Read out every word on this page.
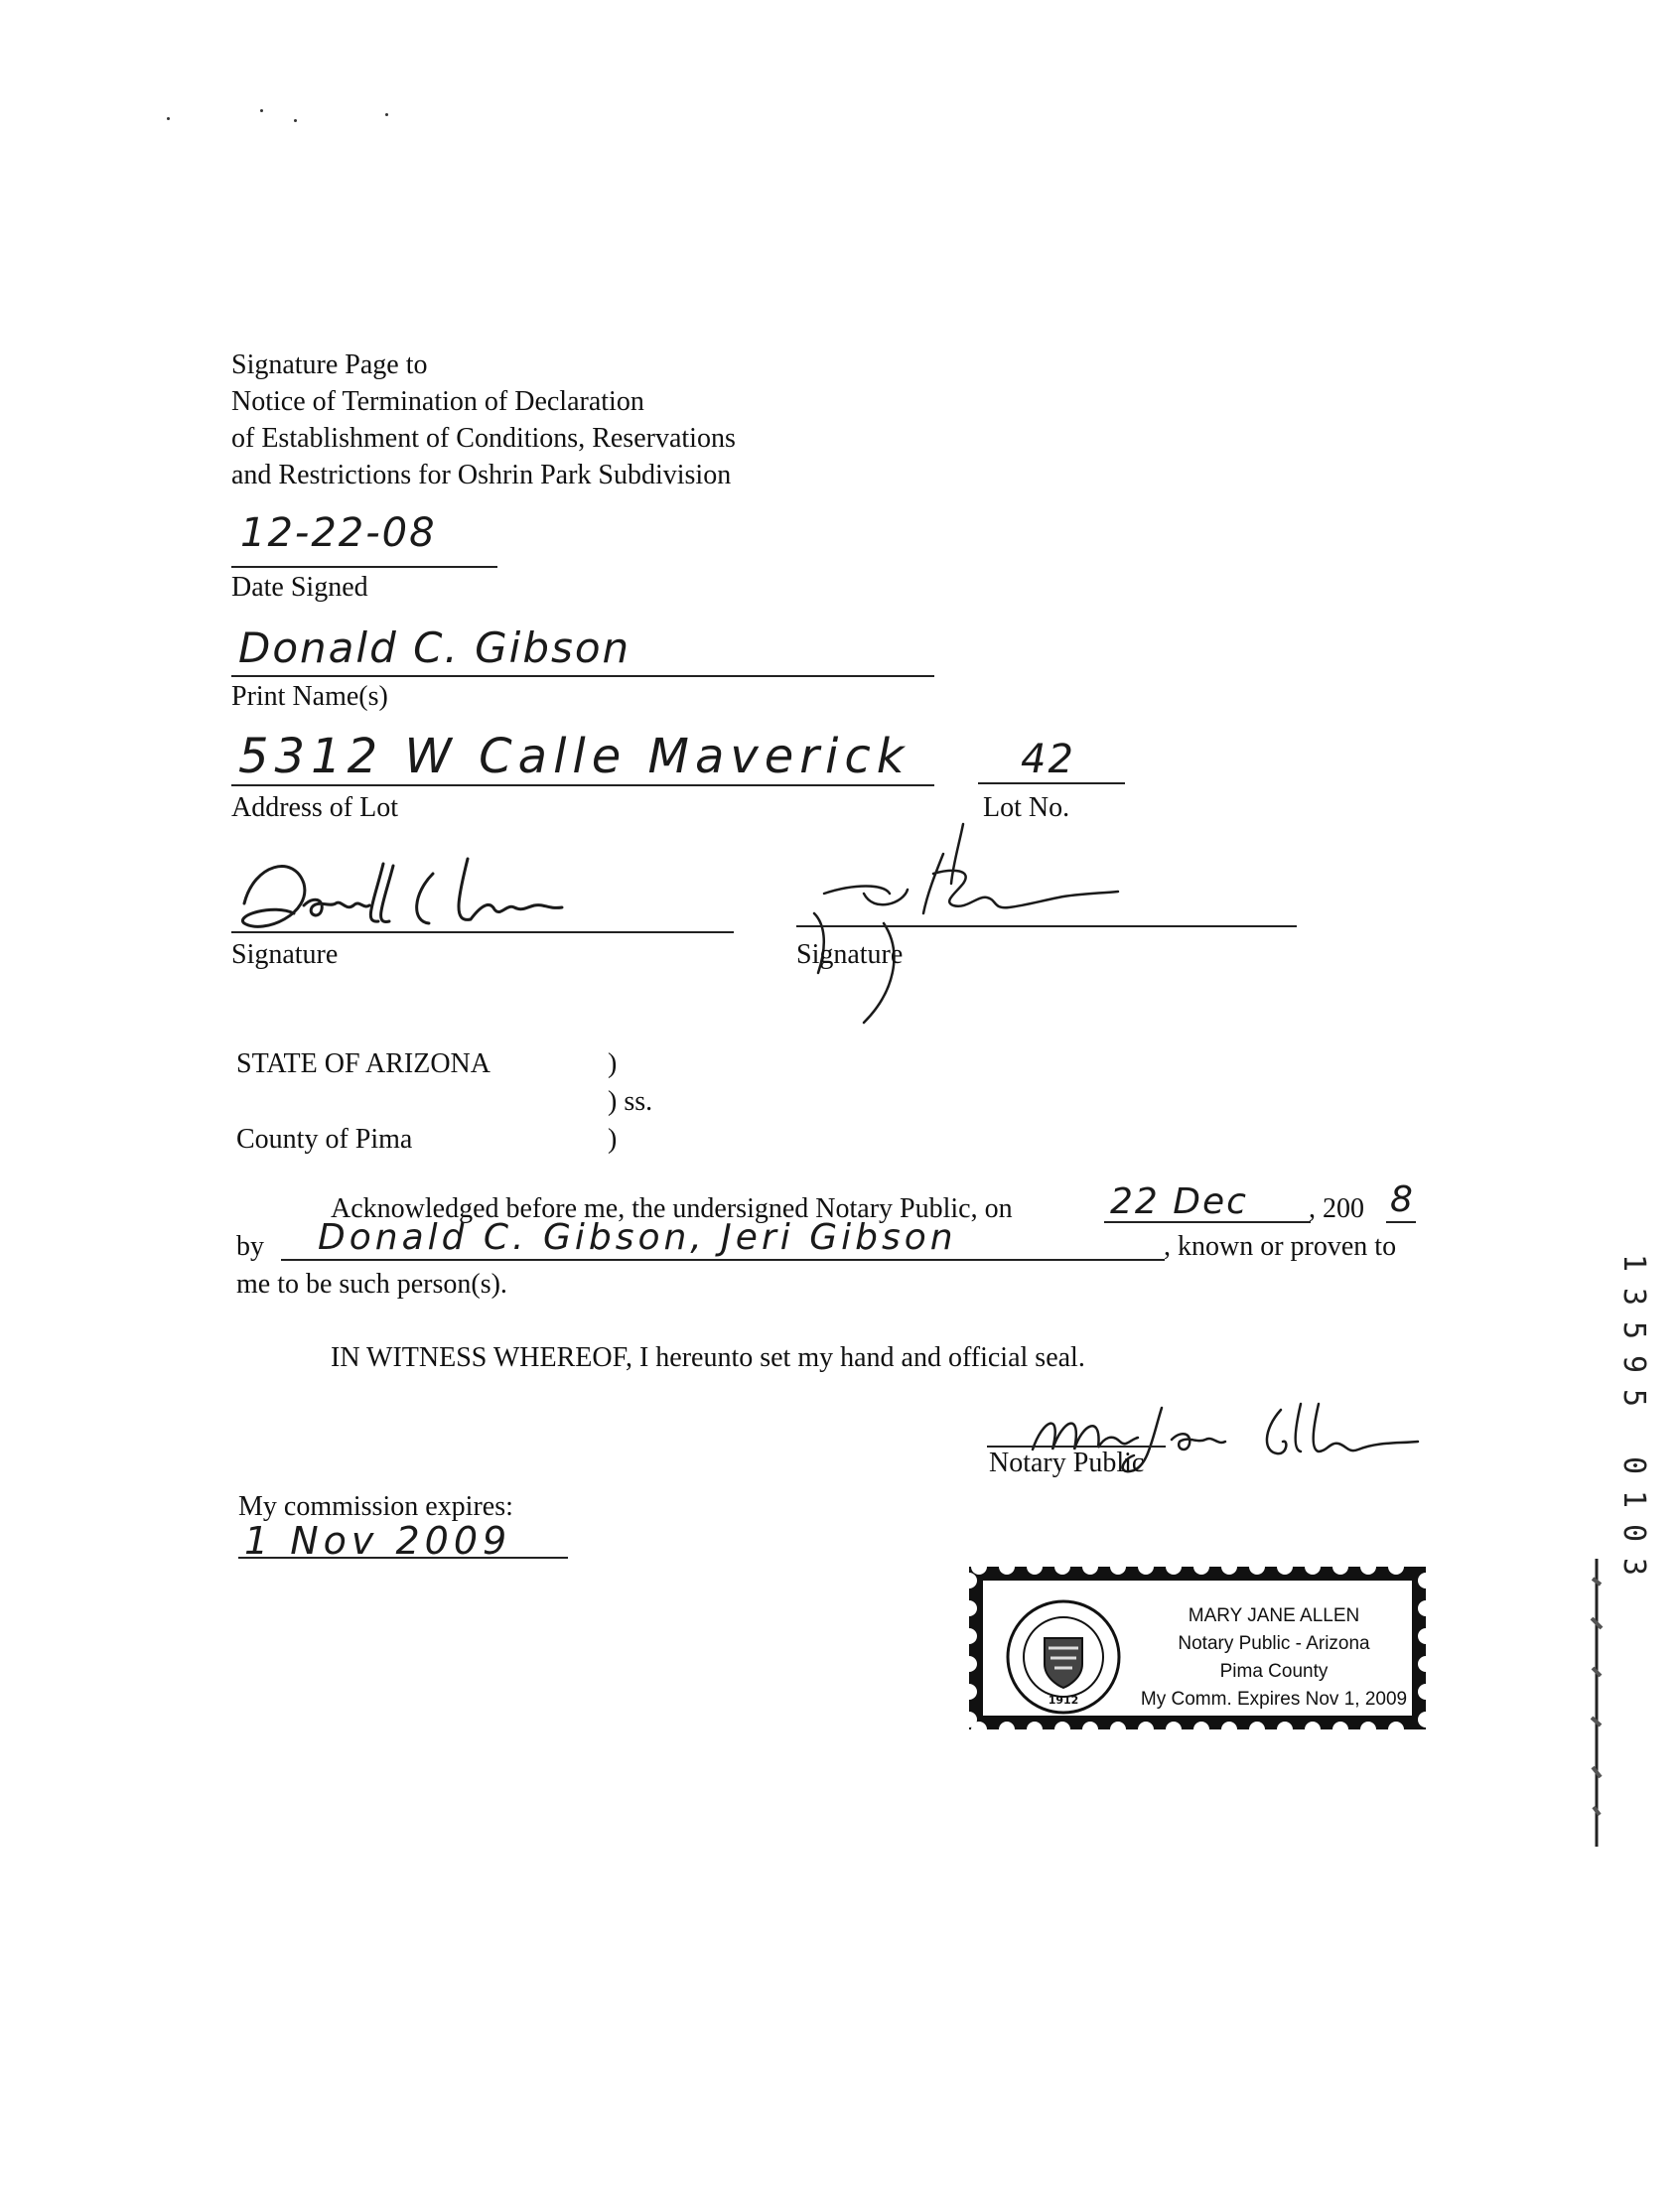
Signature Page to
Notice of Termination of Declaration
of Establishment of Conditions, Reservations
and Restrictions for Oshrin Park Subdivision
12-22-08
Date Signed
Donald C. Gibson
Print Name(s)
5312 W Calle Maverick
Address of Lot
42
Lot No.
Signature	Signature
STATE OF ARIZONA	)
) ss.
County of Pima	)
Acknowledged before me, the undersigned Notary Public, on	22 Dec , 200 8
by Donald C. Gibson, Jeri Gibson	, known or proven to
me to be such person(s).
IN WITNESS WHEREOF, I hereunto set my hand and official seal.
Notary Public
My commission expires:
1 Nov 2009
1912
MARY JANE ALLEN
Notary Public - Arizona
Pima County
My Comm. Expires Nov 1, 2009
1
3
5
9
5

0
1
0
3
